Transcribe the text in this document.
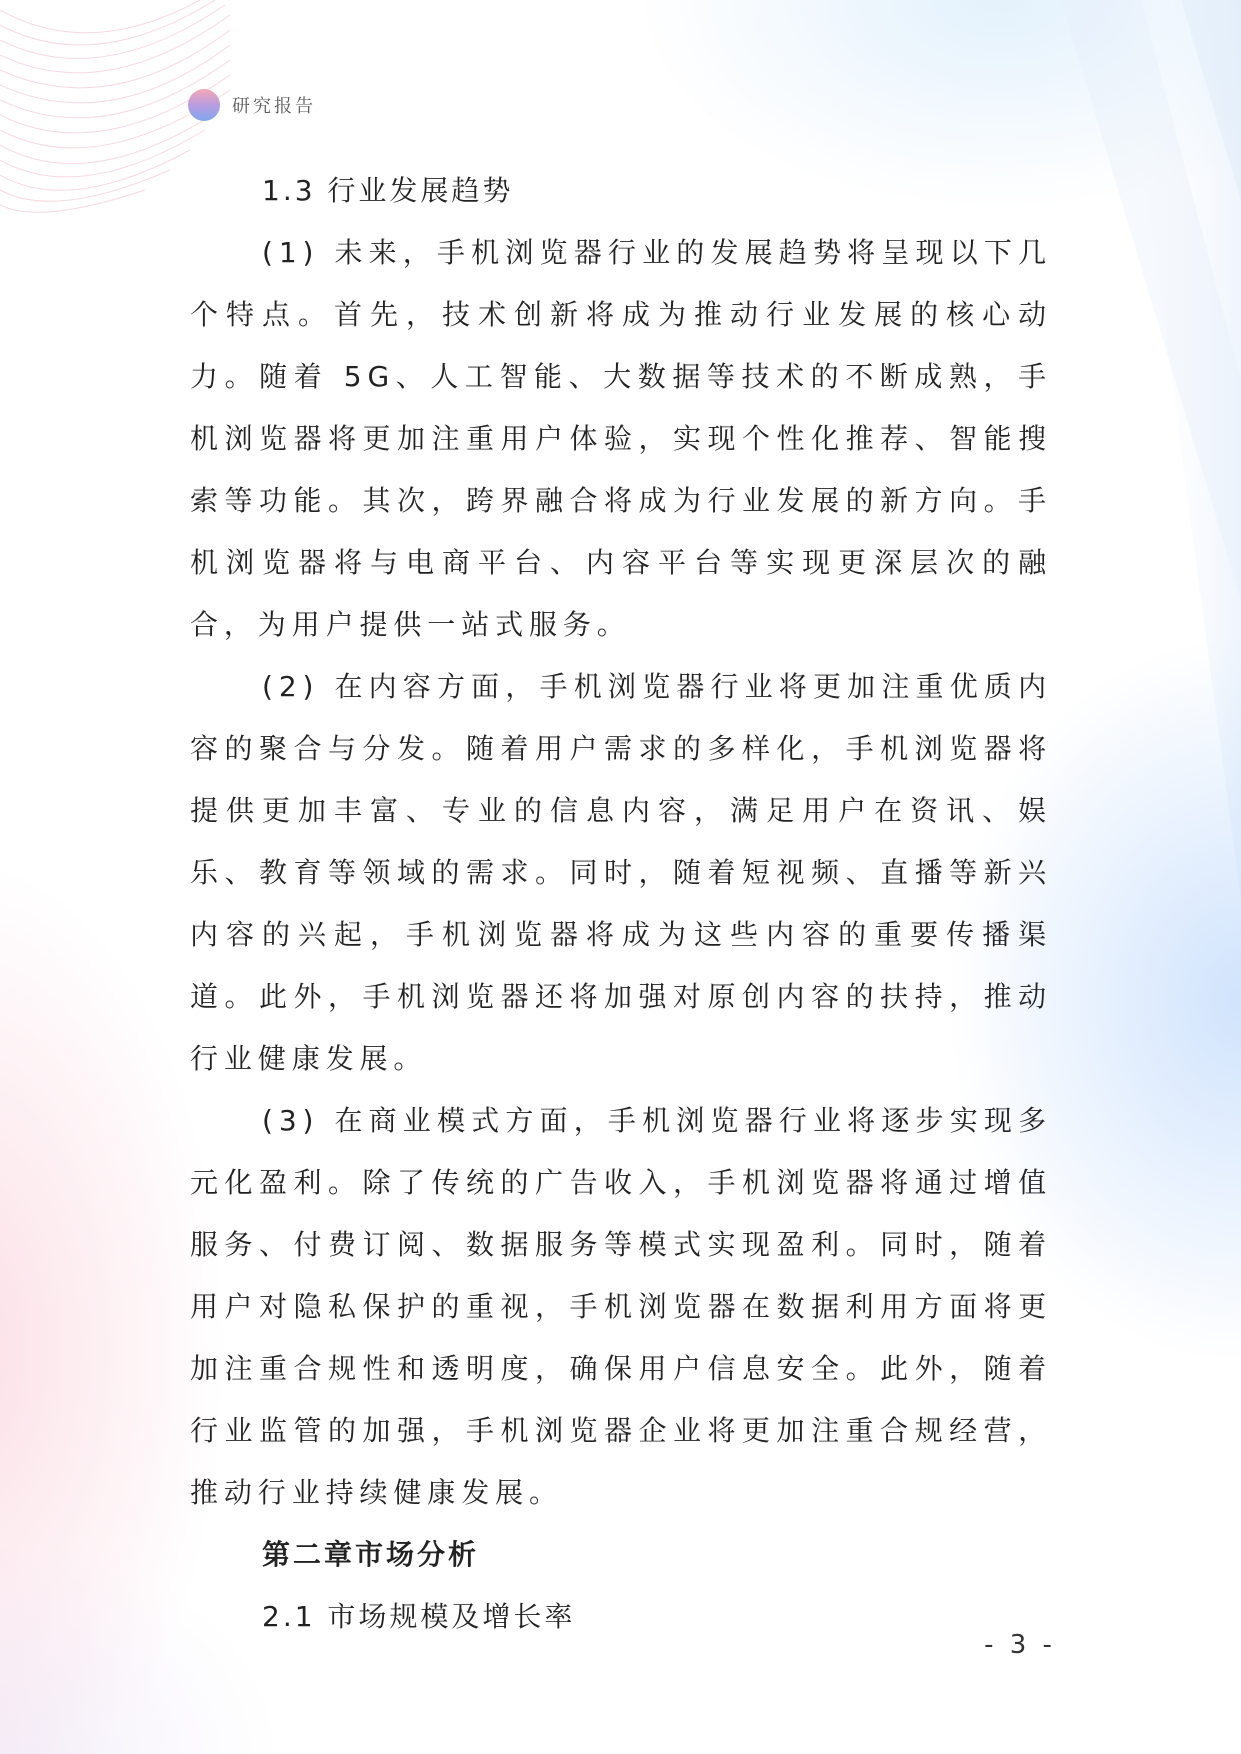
研究报告
1.3 行业发展趋势

(1) 未来，手机浏览器行业的发展趋势将呈现以下几个特点。首先，技术创新将成为推动行业发展的核心动力。随着 5G、人工智能、大数据等技术的不断成熟，手机浏览器将更加注重用户体验，实现个性化推荐、智能搜索等功能。其次，跨界融合将成为行业发展的新方向。手机浏览器将与电商平台、内容平台等实现更深层次的融合，为用户提供一站式服务。

(2) 在内容方面，手机浏览器行业将更加注重优质内容的聚合与分发。随着用户需求的多样化，手机浏览器将提供更加丰富、专业的信息内容，满足用户在资讯、娱乐、教育等领域的需求。同时，随着短视频、直播等新兴内容的兴起，手机浏览器将成为这些内容的重要传播渠道。此外，手机浏览器还将加强对原创内容的扶持，推动行业健康发展。

(3) 在商业模式方面，手机浏览器行业将逐步实现多元化盈利。除了传统的广告收入，手机浏览器将通过增值服务、付费订阅、数据服务等模式实现盈利。同时，随着用户对隐私保护的重视，手机浏览器在数据利用方面将更加注重合规性和透明度，确保用户信息安全。此外，随着行业监管的加强，手机浏览器企业将更加注重合规经营，推动行业持续健康发展。

第二章市场分析
2.1 市场规模及增长率
- 3 -
